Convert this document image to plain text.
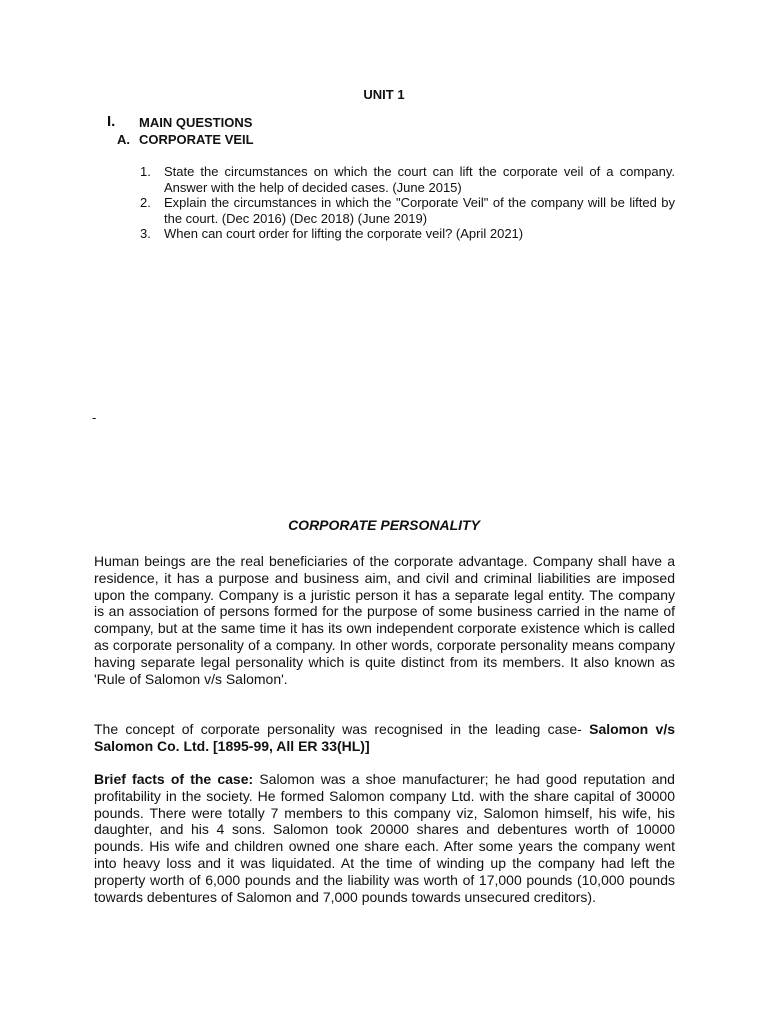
UNIT 1
I. MAIN QUESTIONS
A. CORPORATE VEIL
1.	State the circumstances on which the court can lift the corporate veil of a company. Answer with the help of decided cases. (June 2015)
2.	Explain the circumstances in which the "Corporate Veil" of the company will be lifted by the court. (Dec 2016) (Dec 2018) (June 2019)
3.	When can court order for lifting the corporate veil? (April 2021)
-
CORPORATE PERSONALITY
Human beings are the real beneficiaries of the corporate advantage. Company shall have a residence, it has a purpose and business aim, and civil and criminal liabilities are imposed upon the company. Company is a juristic person it has a separate legal entity. The company is an association of persons formed for the purpose of some business carried in the name of company, but at the same time it has its own independent corporate existence which is called as corporate personality of a company. In other words, corporate personality means company having separate legal personality which is quite distinct from its members. It also known as 'Rule of Salomon v/s Salomon'.
The concept of corporate personality was recognised in the leading case- Salomon v/s Salomon Co. Ltd. [1895-99, All ER 33(HL)]
Brief facts of the case: Salomon was a shoe manufacturer; he had good reputation and profitability in the society. He formed Salomon company Ltd. with the share capital of 30000 pounds. There were totally 7 members to this company viz, Salomon himself, his wife, his daughter, and his 4 sons. Salomon took 20000 shares and debentures worth of 10000 pounds. His wife and children owned one share each. After some years the company went into heavy loss and it was liquidated. At the time of winding up the company had left the property worth of 6,000 pounds and the liability was worth of 17,000 pounds (10,000 pounds towards debentures of Salomon and 7,000 pounds towards unsecured creditors).
